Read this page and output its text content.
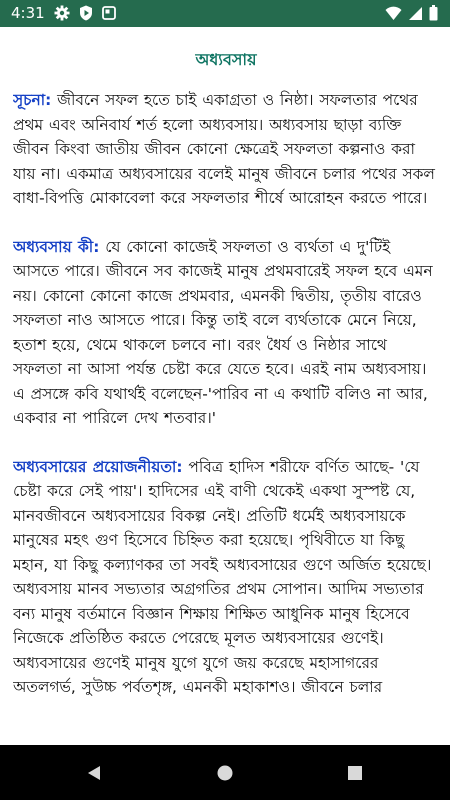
4:31
অধ্যবসায়

সূচনা: জীবনে সফল হতে চাই একাগ্রতা ও নিষ্ঠা। সফলতার পথের প্রথম এবং অনিবার্য শর্ত হলো অধ্যবসায়। অধ্যবসায় ছাড়া ব্যক্তি জীবন কিংবা জাতীয় জীবন কোনো ক্ষেত্রেই সফলতা কল্পনাও করা যায় না। একমাত্র অধ্যবসায়ের বলেই মানুষ জীবনে চলার পথের সকল বাধা-বিপত্তি মোকাবেলা করে সফলতার শীর্ষে আরোহন করতে পারে।

অধ্যবসায় কী: যে কোনো কাজেই সফলতা ও ব্যর্থতা এ দু'টিই আসতে পারে। জীবনে সব কাজেই মানুষ প্রথমবারেই সফল হবে এমন নয়। কোনো কোনো কাজে প্রথমবার, এমনকী দ্বিতীয়, তৃতীয় বারেও সফলতা নাও আসতে পারে। কিন্তু তাই বলে ব্যর্থতাকে মেনে নিয়ে, হতাশ হয়ে, থেমে থাকলে চলবে না। বরং ধৈর্য ও নিষ্ঠার সাথে সফলতা না আসা পর্যন্ত চেষ্টা করে যেতে হবে। এরই নাম অধ্যবসায়। এ প্রসঙ্গে কবি যথার্থই বলেছেন-'পারিব না এ কথাটি বলিও না আর, একবার না পারিলে দেখ শতবার।'

অধ্যবসায়ের প্রয়োজনীয়তা: পবিত্র হাদিস শরীফে বর্ণিত আছে- 'যে চেষ্টা করে সেই পায়'। হাদিসের এই বাণী থেকেই একথা সুস্পষ্ট যে, মানবজীবনে অধ্যবসায়ের বিকল্প নেই। প্রতিটি ধর্মেই অধ্যবসায়কে মানুষের মহৎ গুণ হিসেবে চিহ্নিত করা হয়েছে। পৃথিবীতে যা কিছু মহান, যা কিছু কল্যাণকর তা সবই অধ্যবসায়ের গুণে অর্জিত হয়েছে। অধ্যবসায় মানব সভ্যতার অগ্রগতির প্রথম সোপান। আদিম সভ্যতার বন্য মানুষ বর্তমানে বিজ্ঞান শিক্ষায় শিক্ষিত আধুনিক মানুষ হিসেবে নিজেকে প্রতিষ্ঠিত করতে পেরেছে মূলত অধ্যবসায়ের গুণেই। অধ্যবসায়ের গুণেই মানুষ যুগে যুগে জয় করেছে মহাসাগরের অতলগর্ভ, সুউচ্চ পর্বতশৃঙ্গ, এমনকী মহাকাশও। জীবনে চলার
